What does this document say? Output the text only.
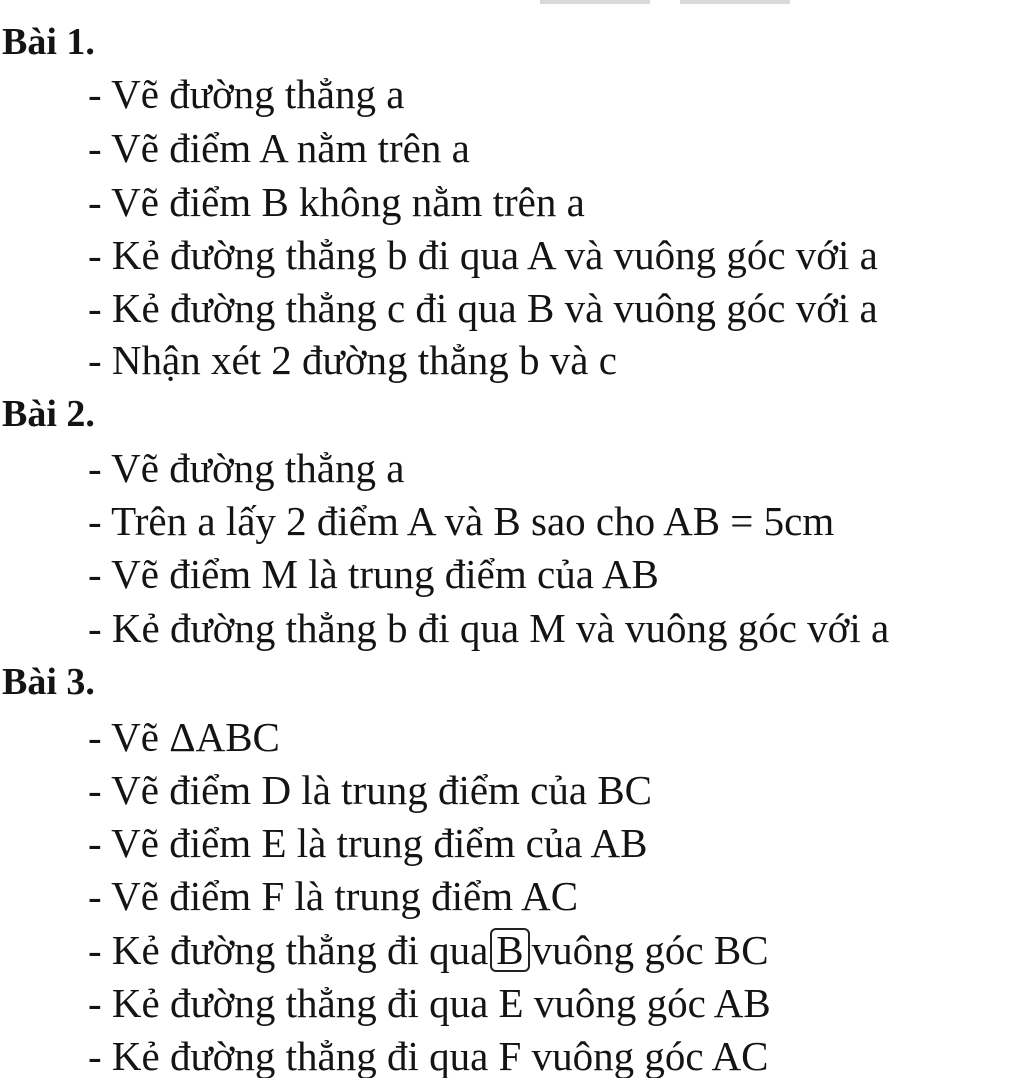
Bài 1.
- Vẽ đường thẳng a
- Vẽ điểm A nằm trên a
- Vẽ điểm B không nằm trên a
- Kẻ đường thẳng b đi qua A và vuông góc với a
- Kẻ đường thẳng c đi qua B và vuông góc với a
- Nhận xét 2 đường thẳng b và c
Bài 2.
- Vẽ đường thẳng a
- Trên a lấy 2 điểm A và B sao cho AB = 5cm
- Vẽ điểm M là trung điểm của AB
- Kẻ đường thẳng b đi qua M và vuông góc với a
Bài 3.
- Vẽ ΔABC
- Vẽ điểm D là trung điểm của BC
- Vẽ điểm E là trung điểm của AB
- Vẽ điểm F là trung điểm AC
- Kẻ đường thẳng đi qua B vuông góc BC
- Kẻ đường thẳng đi qua E vuông góc AB
- Kẻ đường thẳng đi qua F vuông góc AC
